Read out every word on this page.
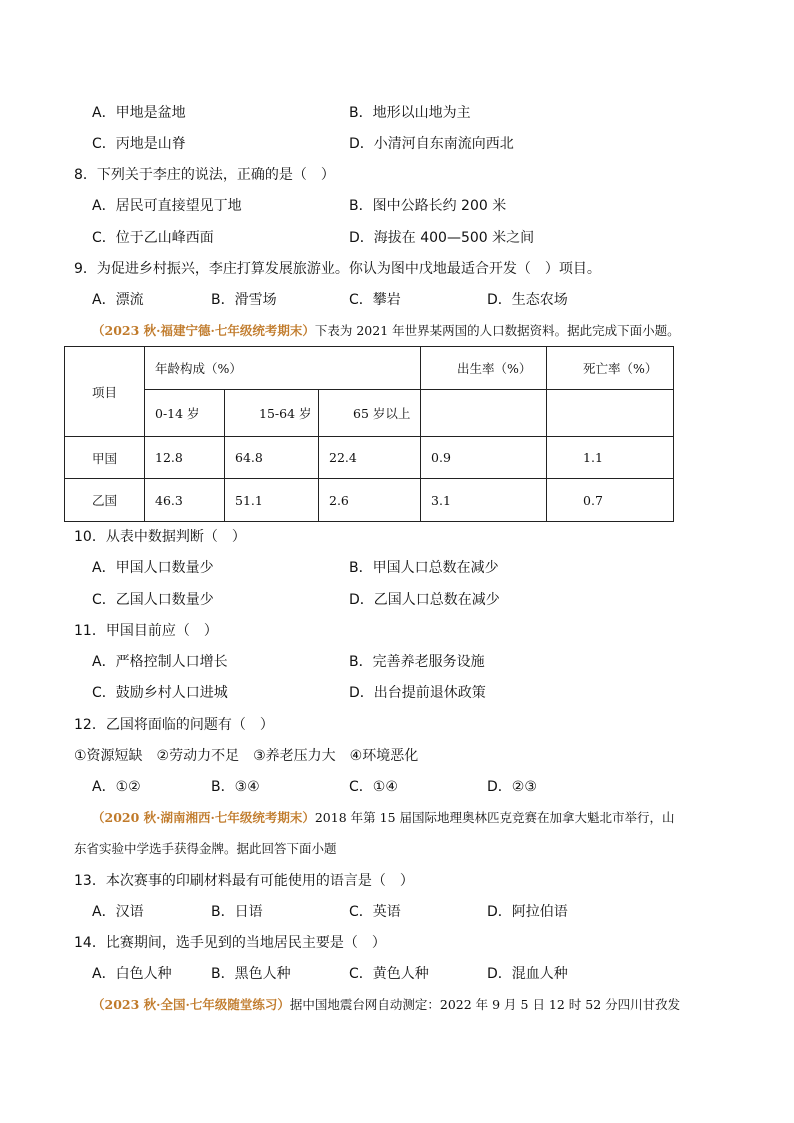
A．甲地是盆地	B．地形以山地为主
C．丙地是山脊	D．小清河自东南流向西北
8．下列关于李庄的说法，正确的是（　）
A．居民可直接望见丁地	B．图中公路长约 200 米
C．位于乙山峰西面	D．海拔在 400—500 米之间
9．为促进乡村振兴，李庄打算发展旅游业。你认为图中戊地最适合开发（　）项目。
A．漂流	B．滑雪场	C．攀岩	D．生态农场
（2023 秋·福建宁德·七年级统考期末）下表为 2021 年世界某两国的人口数据资料。据此完成下面小题。
项目	年龄构成（%）			出生率（%）	死亡率（%）
	0-14 岁	15-64 岁	65 岁以上		
甲国	12.8	64.8	22.4	0.9	1.1
乙国	46.3	51.1	2.6	3.1	0.7
10．从表中数据判断（　）
A．甲国人口数量少	B．甲国人口总数在减少
C．乙国人口数量少	D．乙国人口总数在减少
11．甲国目前应（　）
A．严格控制人口增长	B．完善养老服务设施
C．鼓励乡村人口进城	D．出台提前退休政策
12．乙国将面临的问题有（　）
①资源短缺　②劳动力不足　③养老压力大　④环境恶化
A．①②	B．③④	C．①④	D．②③
（2020 秋·湖南湘西·七年级统考期末）2018 年第 15 届国际地理奥林匹克竞赛在加拿大魁北市举行，山
东省实验中学选手获得金牌。据此回答下面小题
13．本次赛事的印刷材料最有可能使用的语言是（　）
A．汉语	B．日语	C．英语	D．阿拉伯语
14．比赛期间，选手见到的当地居民主要是（　）
A．白色人种	B．黑色人种	C．黄色人种	D．混血人种
（2023 秋·全国·七年级随堂练习）据中国地震台网自动测定：2022 年 9 月 5 日 12 时 52 分四川甘孜发
